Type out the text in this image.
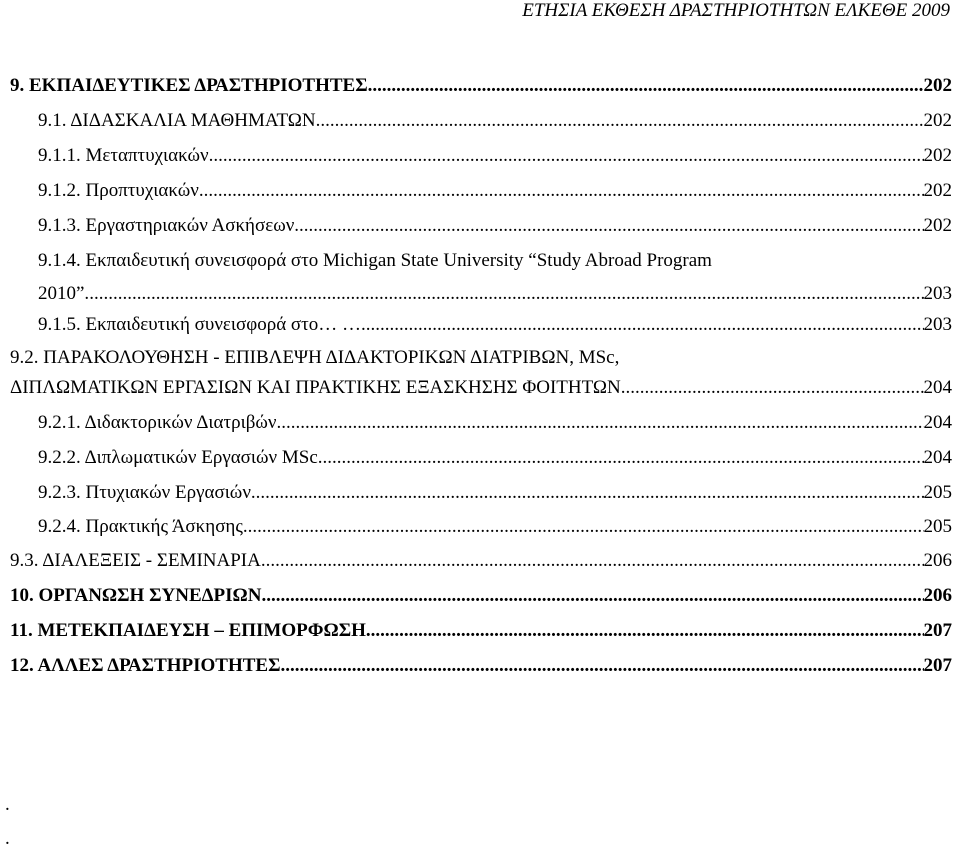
ΕΤΗΣΙΑ ΕΚΘΕΣΗ ΔΡΑΣΤΗΡΙΟΤΗΤΩΝ ΕΛΚΕΘΕ 2009
9. ΕΚΠΑΙΔΕΥΤΙΚΕΣ ΔΡΑΣΤΗΡΙΟΤΗΤΕΣ .....	202
9.1. ΔΙΔΑΣΚΑΛΙΑ ΜΑΘΗΜΑΤΩΝ .....	202
9.1.1. Μεταπτυχιακών .....	202
9.1.2. Προπτυχιακών .....	202
9.1.3. Εργαστηριακών Ασκήσεων .....	202
9.1.4. Εκπαιδευτική συνεισφορά στο Michigan State University “Study Abroad Program
2010”. .....	203
9.1.5. Εκπαιδευτική συνεισφορά στο… … .....	203
9.2. ΠΑΡΑΚΟΛΟΥΘΗΣΗ - ΕΠΙΒΛΕΨΗ ΔΙΔΑΚΤΟΡΙΚΩΝ ΔΙΑΤΡΙΒΩΝ, MSc,
ΔΙΠΛΩΜΑΤΙΚΩΝ ΕΡΓΑΣΙΩΝ ΚΑΙ ΠΡΑΚΤΙΚΗΣ ΕΞΑΣΚΗΣΗΣ ΦΟΙΤΗΤΩΝ .....	204
9.2.1. Διδακτορικών Διατριβών .....	204
9.2.2. Διπλωματικών Εργασιών MSc .....	204
9.2.3. Πτυχιακών Εργασιών .....	205
9.2.4. Πρακτικής Άσκησης .....	205
9.3. ΔΙΑΛΕΞΕΙΣ - ΣΕΜΙΝΑΡΙΑ .....	206
10. ΟΡΓΑΝΩΣΗ ΣΥΝΕΔΡΙΩΝ .....	206
11. ΜΕΤΕΚΠΑΙΔΕΥΣΗ – ΕΠΙΜΟΡΦΩΣΗ .....	207
12. ΑΛΛΕΣ ΔΡΑΣΤΗΡΙΟΤΗΤΕΣ .....	207
.
.
